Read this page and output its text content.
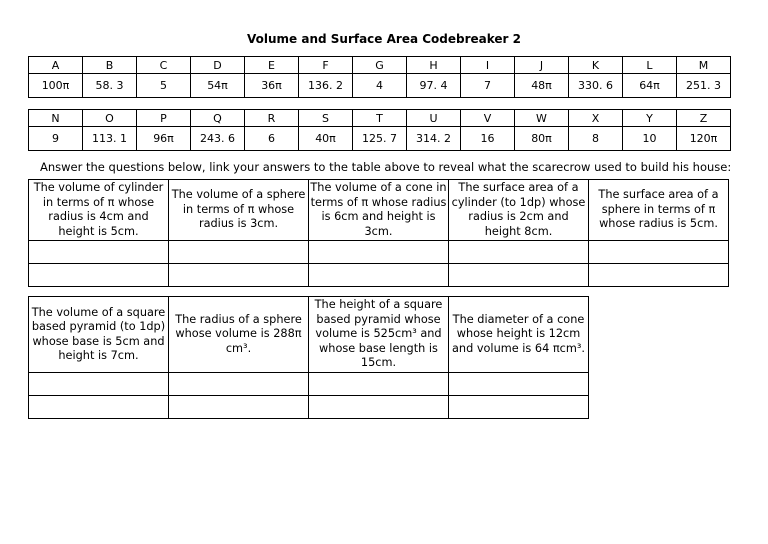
Volume and Surface Area Codebreaker 2
A	B	C	D	E	F	G	H	I	J	K	L	M
100π	58. 3	5	54π	36π	136. 2	4	97. 4	7	48π	330. 6	64π	251. 3
N	O	P	Q	R	S	T	U	V	W	X	Y	Z
9	113. 1	96π	243. 6	6	40π	125. 7	314. 2	16	80π	8	10	120π
Answer the questions below, link your answers to the table above to reveal what the scarecrow used to build his house:
The volume of cylinder in terms of π whose radius is 4cm and height is 5cm.	The volume of a sphere in terms of π whose radius is 3cm.	The volume of a cone in terms of π whose radius is 6cm and height is 3cm.	The surface area of a cylinder (to 1dp) whose radius is 2cm and height 8cm.	The surface area of a sphere in terms of π whose radius is 5cm.

The volume of a square based pyramid (to 1dp) whose base is 5cm and height is 7cm.	The radius of a sphere whose volume is 288π cm³.	The height of a square based pyramid whose volume is 525cm³ and whose base length is 15cm.	The diameter of a cone whose height is 12cm and volume is 64 πcm³.
